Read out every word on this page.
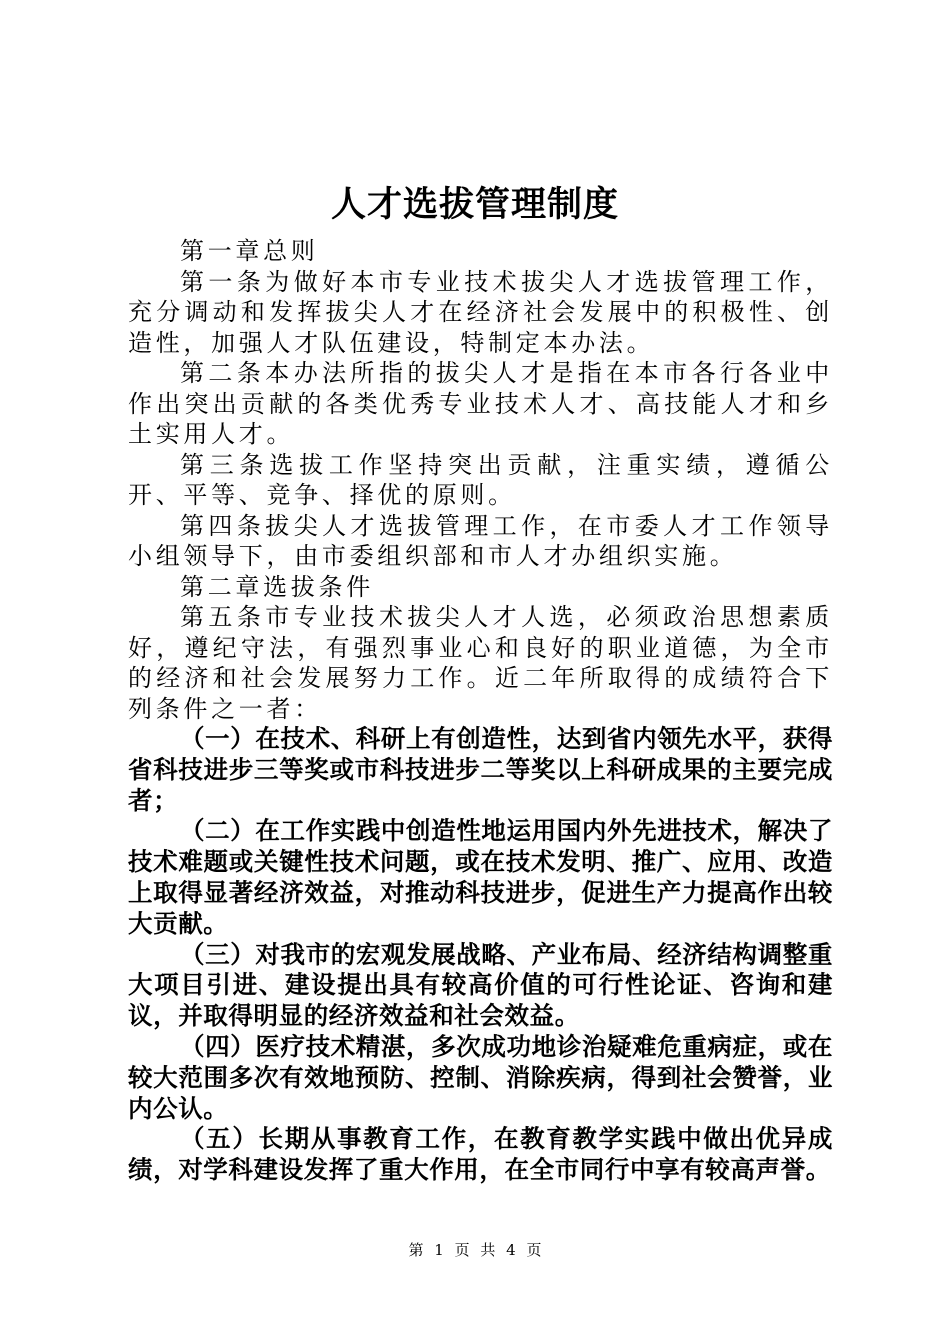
人才选拔管理制度

第一章总则

第一条为做好本市专业技术拔尖人才选拔管理工作，充分调动和发挥拔尖人才在经济社会发展中的积极性、创造性，加强人才队伍建设，特制定本办法。

第二条本办法所指的拔尖人才是指在本市各行各业中作出突出贡献的各类优秀专业技术人才、高技能人才和乡土实用人才。

第三条选拔工作坚持突出贡献，注重实绩，遵循公开、平等、竞争、择优的原则。

第四条拔尖人才选拔管理工作，在市委人才工作领导小组领导下，由市委组织部和市人才办组织实施。

第二章选拔条件

第五条市专业技术拔尖人才人选，必须政治思想素质好，遵纪守法，有强烈事业心和良好的职业道德，为全市的经济和社会发展努力工作。近二年所取得的成绩符合下列条件之一者：

（一）在技术、科研上有创造性，达到省内领先水平，获得省科技进步三等奖或市科技进步二等奖以上科研成果的主要完成者；

（二）在工作实践中创造性地运用国内外先进技术，解决了技术难题或关键性技术问题，或在技术发明、推广、应用、改造上取得显著经济效益，对推动科技进步，促进生产力提高作出较大贡献。

（三）对我市的宏观发展战略、产业布局、经济结构调整重大项目引进、建设提出具有较高价值的可行性论证、咨询和建议，并取得明显的经济效益和社会效益。

（四）医疗技术精湛，多次成功地诊治疑难危重病症，或在较大范围多次有效地预防、控制、消除疾病，得到社会赞誉，业内公认。

（五）长期从事教育工作，在教育教学实践中做出优异成绩，对学科建设发挥了重大作用，在全市同行中享有较高声誉。

第 1 页 共 4 页
